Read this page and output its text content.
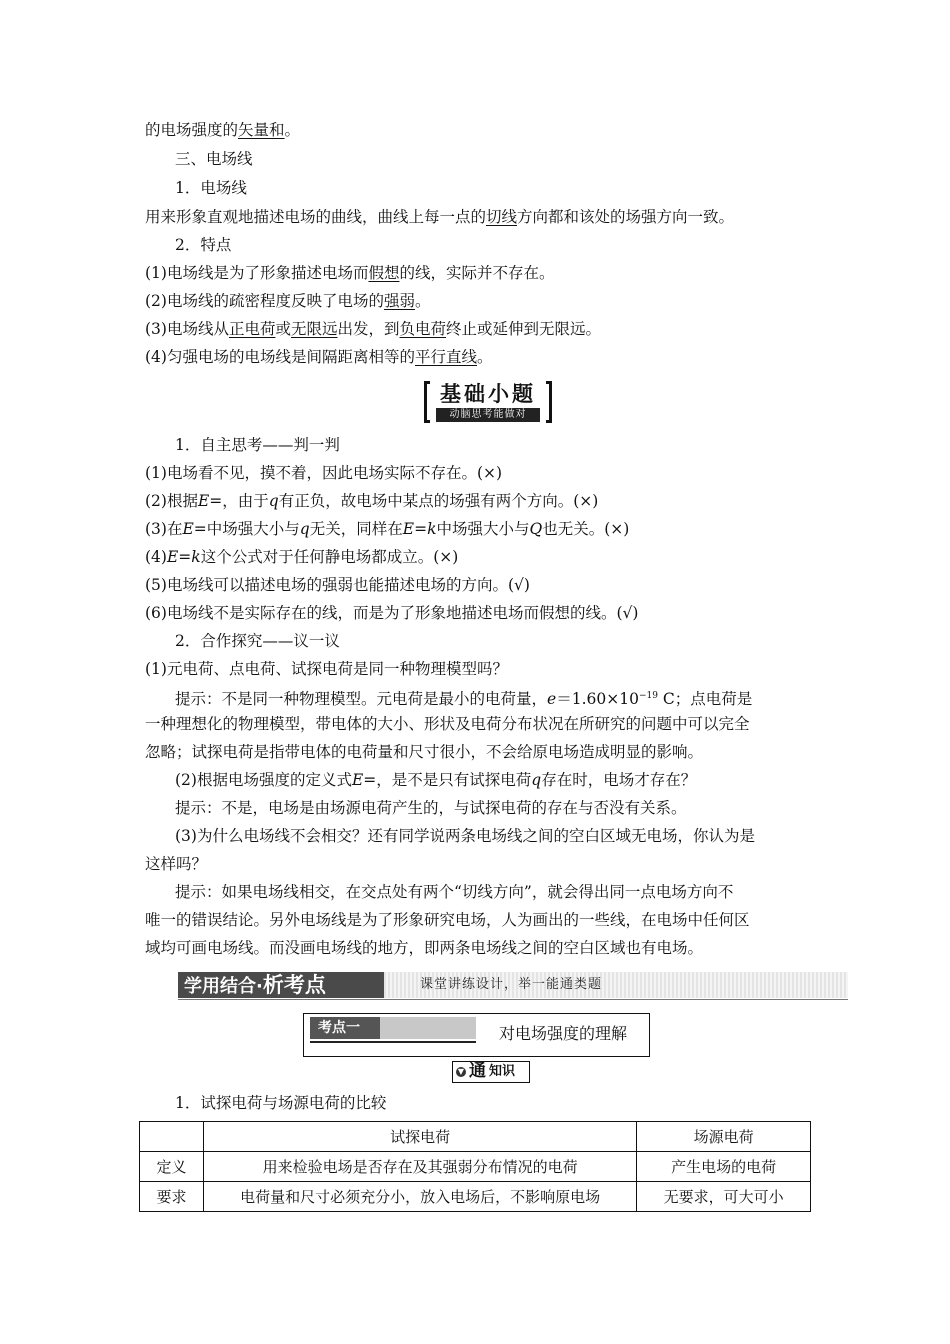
的电场强度的矢量和。
三、电场线
1．电场线
用来形象直观地描述电场的曲线，曲线上每一点的切线方向都和该处的场强方向一致。
2．特点
(1)电场线是为了形象描述电场而假想的线，实际并不存在。
(2)电场线的疏密程度反映了电场的强弱。
(3)电场线从正电荷或无限远出发，到负电荷终止或延伸到无限远。
(4)匀强电场的电场线是间隔距离相等的平行直线。
基础小题
动脑思考能做对
1．自主思考——判一判
(1)电场看不见，摸不着，因此电场实际不存在。(×)
(2)根据E=，由于q有正负，故电场中某点的场强有两个方向。(×)
(3)在E=中场强大小与q无关，同样在E=k中场强大小与Q也无关。(×)
(4)E=k这个公式对于任何静电场都成立。(×)
(5)电场线可以描述电场的强弱也能描述电场的方向。(√)
(6)电场线不是实际存在的线，而是为了形象地描述电场而假想的线。(√)
2．合作探究——议一议
(1)元电荷、点电荷、试探电荷是同一种物理模型吗？
提示：不是同一种物理模型。元电荷是最小的电荷量，$e=1.60\times 10^{-19}$ C；点电荷是
一种理想化的物理模型，带电体的大小、形状及电荷分布状况在所研究的问题中可以完全
忽略；试探电荷是指带电体的电荷量和尺寸很小，不会给原电场造成明显的影响。
(2)根据电场强度的定义式E=，是不是只有试探电荷q存在时，电场才存在？
提示：不是，电场是由场源电荷产生的，与试探电荷的存在与否没有关系。
(3)为什么电场线不会相交？还有同学说两条电场线之间的空白区域无电场，你认为是
这样吗？
提示：如果电场线相交，在交点处有两个“切线方向”，就会得出同一点电场方向不
唯一的错误结论。另外电场线是为了形象研究电场，人为画出的一些线，在电场中任何区
域均可画电场线。而没画电场线的地方，即两条电场线之间的空白区域也有电场。
学用结合·析考点	课堂讲练设计，举一能通类题
考点一	对电场强度的理解
▼ 通 知识
1．试探电荷与场源电荷的比较
	试探电荷	场源电荷
定义	用来检验电场是否存在及其强弱分布情况的电荷	产生电场的电荷
要求	电荷量和尺寸必须充分小，放入电场后，不影响原电场	无要求，可大可小
